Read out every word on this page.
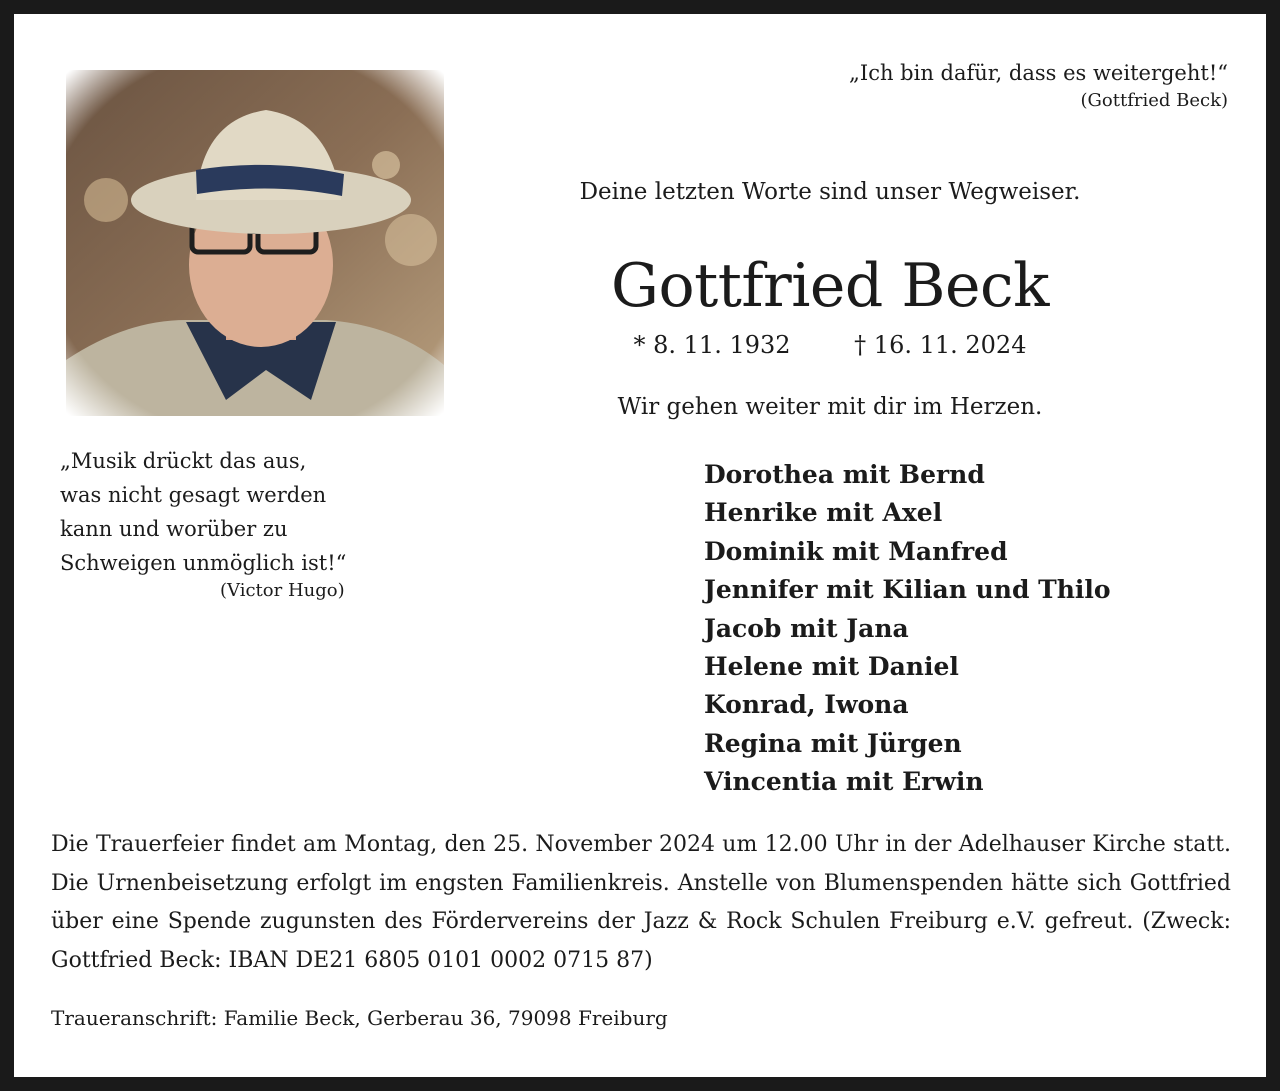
„Ich bin dafür, dass es weitergeht!“
(Gottfried Beck)
Deine letzten Worte sind unser Wegweiser.
Gottfried Beck
* 8. 11. 1932	† 16. 11. 2024
Wir gehen weiter mit dir im Herzen.
„Musik drückt das aus,
was nicht gesagt werden
kann und worüber zu
Schweigen unmöglich ist!“
(Victor Hugo)
Dorothea mit Bernd
Henrike mit Axel
Dominik mit Manfred
Jennifer mit Kilian und Thilo
Jacob mit Jana
Helene mit Daniel
Konrad, Iwona
Regina mit Jürgen
Vincentia mit Erwin
Die Trauerfeier findet am Montag, den 25. November 2024 um 12.00 Uhr in der Adelhauser Kirche statt. Die Urnenbeisetzung erfolgt im engsten Familienkreis. Anstelle von Blumenspenden hätte sich Gottfried über eine Spende zugunsten des Fördervereins der Jazz & Rock Schulen Freiburg e.V. gefreut. (Zweck: Gottfried Beck: IBAN DE21 6805 0101 0002 0715 87)
Traueranschrift: Familie Beck, Gerberau 36, 79098 Freiburg
